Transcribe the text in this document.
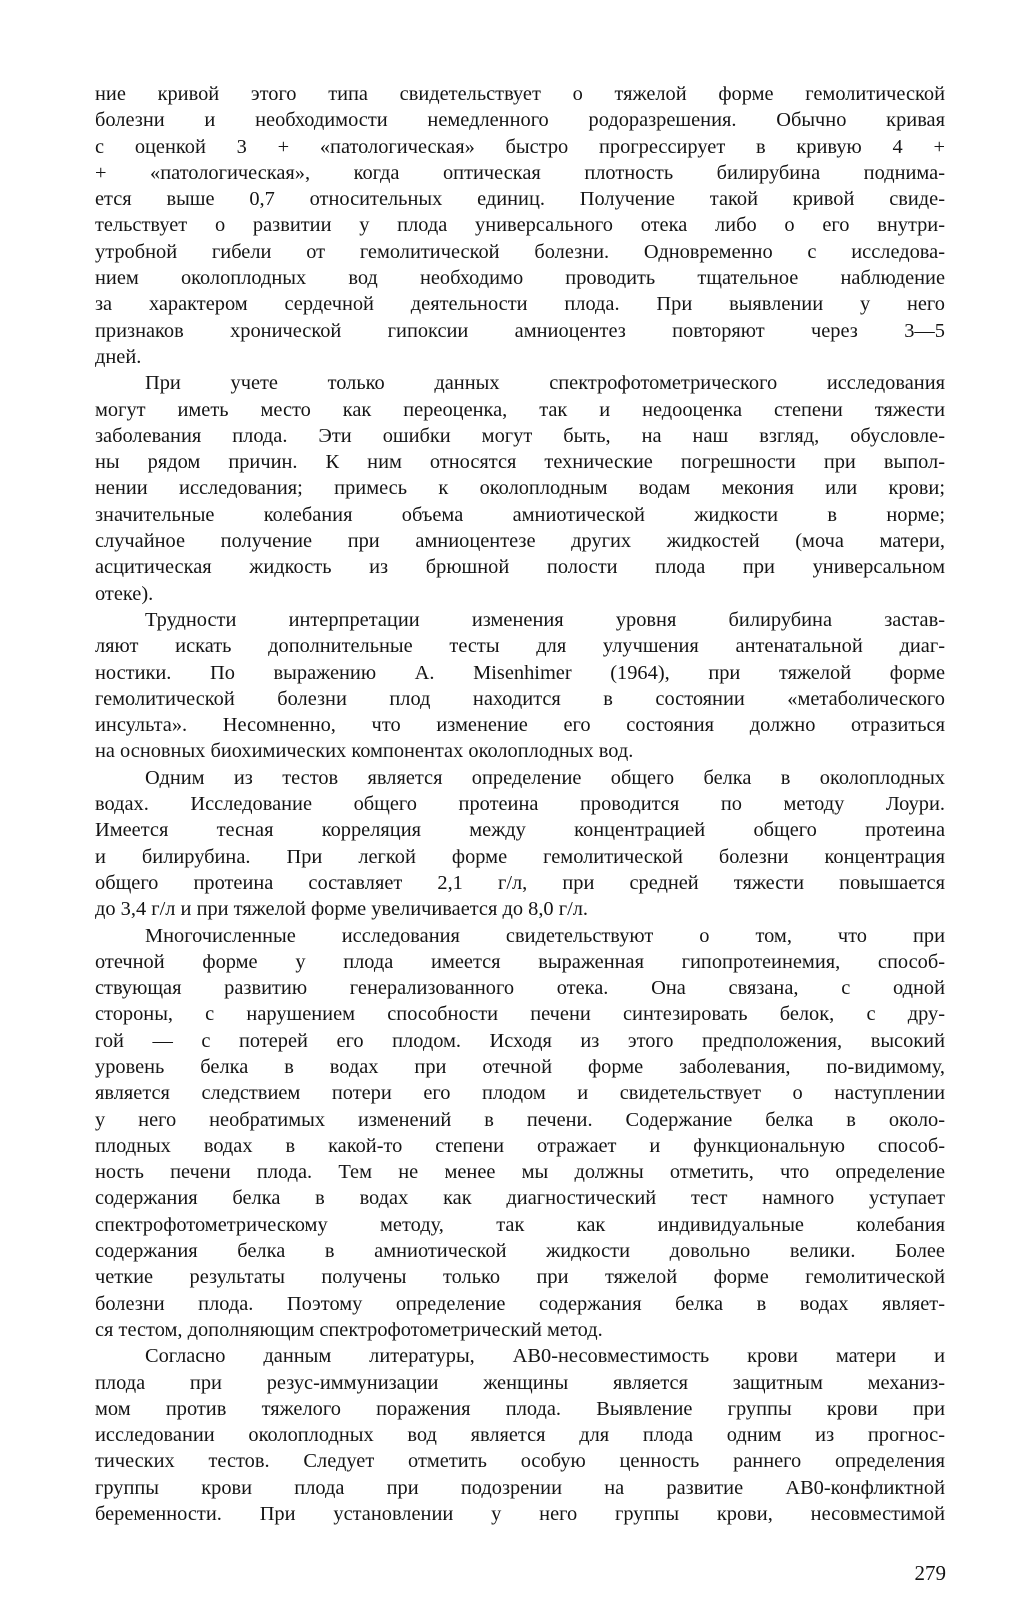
ние кривой этого типа свидетельствует о тяжелой форме гемолитической
болезни и необходимости немедленного родоразрешения. Обычно кривая
с оценкой 3 + «патологическая» быстро прогрессирует в кривую 4 +
+ «патологическая», когда оптическая плотность билирубина поднима-
ется выше 0,7 относительных единиц. Получение такой кривой свиде-
тельствует о развитии у плода универсального отека либо о его внутри-
утробной гибели от гемолитической болезни. Одновременно с исследова-
нием околоплодных вод необходимо проводить тщательное наблюдение
за характером сердечной деятельности плода. При выявлении у него
признаков хронической гипоксии амниоцентез повторяют через 3—5
дней.
При учете только данных спектрофотометрического исследования
могут иметь место как переоценка, так и недооценка степени тяжести
заболевания плода. Эти ошибки могут быть, на наш взгляд, обусловле-
ны рядом причин. К ним относятся технические погрешности при выпол-
нении исследования; примесь к околоплодным водам мекония или крови;
значительные колебания объема амниотической жидкости в норме;
случайное получение при амниоцентезе других жидкостей (моча матери,
асцитическая жидкость из брюшной полости плода при универсальном
отеке).
Трудности интерпретации изменения уровня билирубина застав-
ляют искать дополнительные тесты для улучшения антенатальной диаг-
ностики. По выражению A. Misenhimer (1964), при тяжелой форме
гемолитической болезни плод находится в состоянии «метаболического
инсульта». Несомненно, что изменение его состояния должно отразиться
на основных биохимических компонентах околоплодных вод.
Одним из тестов является определение общего белка в околоплодных
водах. Исследование общего протеина проводится по методу Лоури.
Имеется тесная корреляция между концентрацией общего протеина
и билирубина. При легкой форме гемолитической болезни концентрация
общего протеина составляет 2,1 г/л, при средней тяжести повышается
до 3,4 г/л и при тяжелой форме увеличивается до 8,0 г/л.
Многочисленные исследования свидетельствуют о том, что при
отечной форме у плода имеется выраженная гипопротеинемия, способ-
ствующая развитию генерализованного отека. Она связана, с одной
стороны, с нарушением способности печени синтезировать белок, с дру-
гой — с потерей его плодом. Исходя из этого предположения, высокий
уровень белка в водах при отечной форме заболевания, по-видимому,
является следствием потери его плодом и свидетельствует о наступлении
у него необратимых изменений в печени. Содержание белка в около-
плодных водах в какой-то степени отражает и функциональную способ-
ность печени плода. Тем не менее мы должны отметить, что определение
содержания белка в водах как диагностический тест намного уступает
спектрофотометрическому методу, так как индивидуальные колебания
содержания белка в амниотической жидкости довольно велики. Более
четкие результаты получены только при тяжелой форме гемолитической
болезни плода. Поэтому определение содержания белка в водах являет-
ся тестом, дополняющим спектрофотометрический метод.
Согласно данным литературы, АВ0-несовместимость крови матери и
плода при резус-иммунизации женщины является защитным механиз-
мом против тяжелого поражения плода. Выявление группы крови при
исследовании околоплодных вод является для плода одним из прогнос-
тических тестов. Следует отметить особую ценность раннего определения
группы крови плода при подозрении на развитие АВ0-конфликтной
беременности. При установлении у него группы крови, несовместимой
279
